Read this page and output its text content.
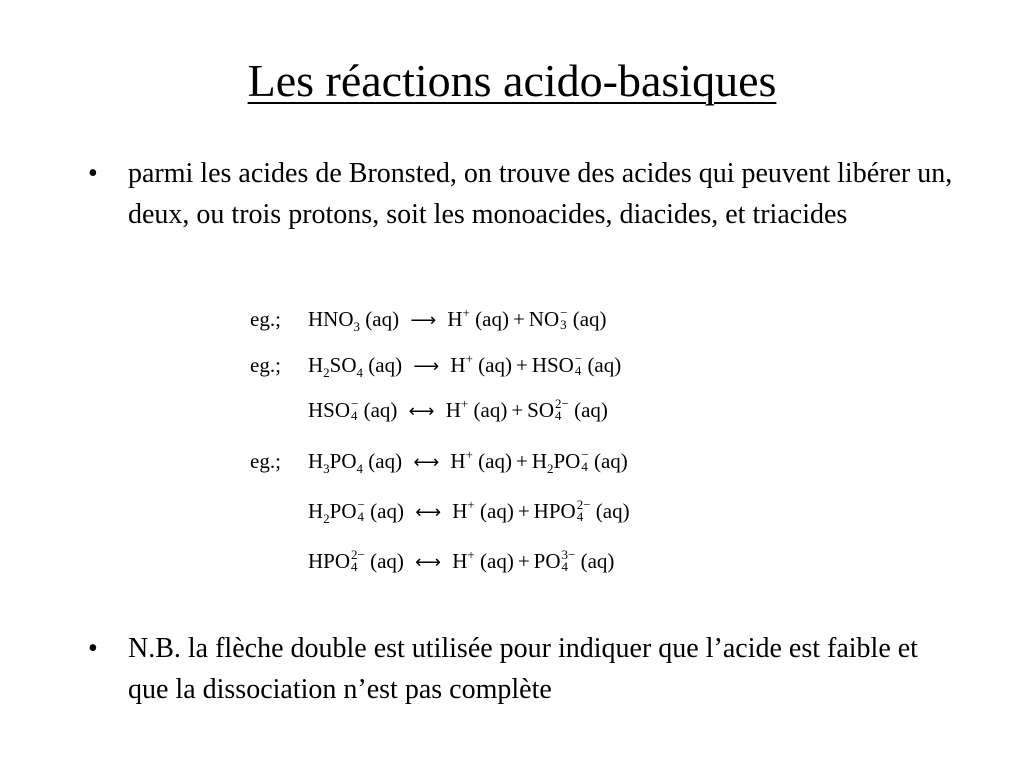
Les réactions acido-basiques
• parmi les acides de Bronsted, on trouve des acides qui peuvent libérer un, deux, ou trois protons, soit les monoacides, diacides, et triacides
eg.; $HNO_3$ (aq) ⟶ H+ (aq) + NO −
3 (aq)
eg.; $H_2SO_4$ (aq) ⟶ H+ (aq) + HSO −
4 (aq)
HSO −
4 (aq) ⟷ H+ (aq) + SO 2−
4 (aq)
eg.; $H_3PO_4$ (aq) ⟷ H+ $(aq) + H_2PO$ −
4 (aq)
$H_2PO$ −
4 (aq) ⟷ H+ (aq) + HPO 2−
4 (aq)
HPO 2−
4 (aq) ⟷ H+ (aq) + PO 3−
4 (aq)
• N.B. la flèche double est utilisée pour indiquer que l’acide est faible et que la dissociation n’est pas complète
